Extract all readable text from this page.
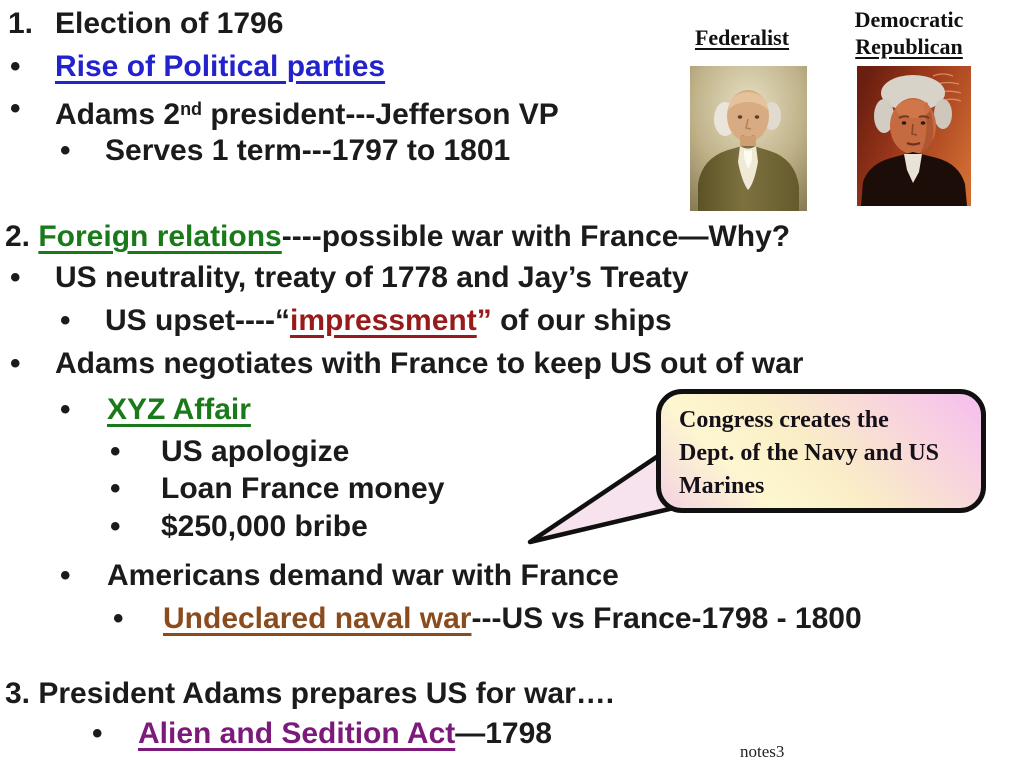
1. Election of 1796
• Rise of Political parties
• Adams 2nd president---Jefferson VP
• Serves 1 term---1797 to 1801
2. Foreign relations----possible war with France—Why?
• US neutrality, treaty of 1778 and Jay’s Treaty
• US upset----“impressment” of our ships
• Adams negotiates with France to keep US out of war
• XYZ Affair
• US apologize
• Loan France money
• $250,000 bribe
• Americans demand war with France
• Undeclared naval war---US vs France-1798 - 1800
3. President Adams prepares US for war….
• Alien and Sedition Act—1798
Federalist
Democratic
Republican
Congress creates the Dept. of the Navy and US Marines
notes3
